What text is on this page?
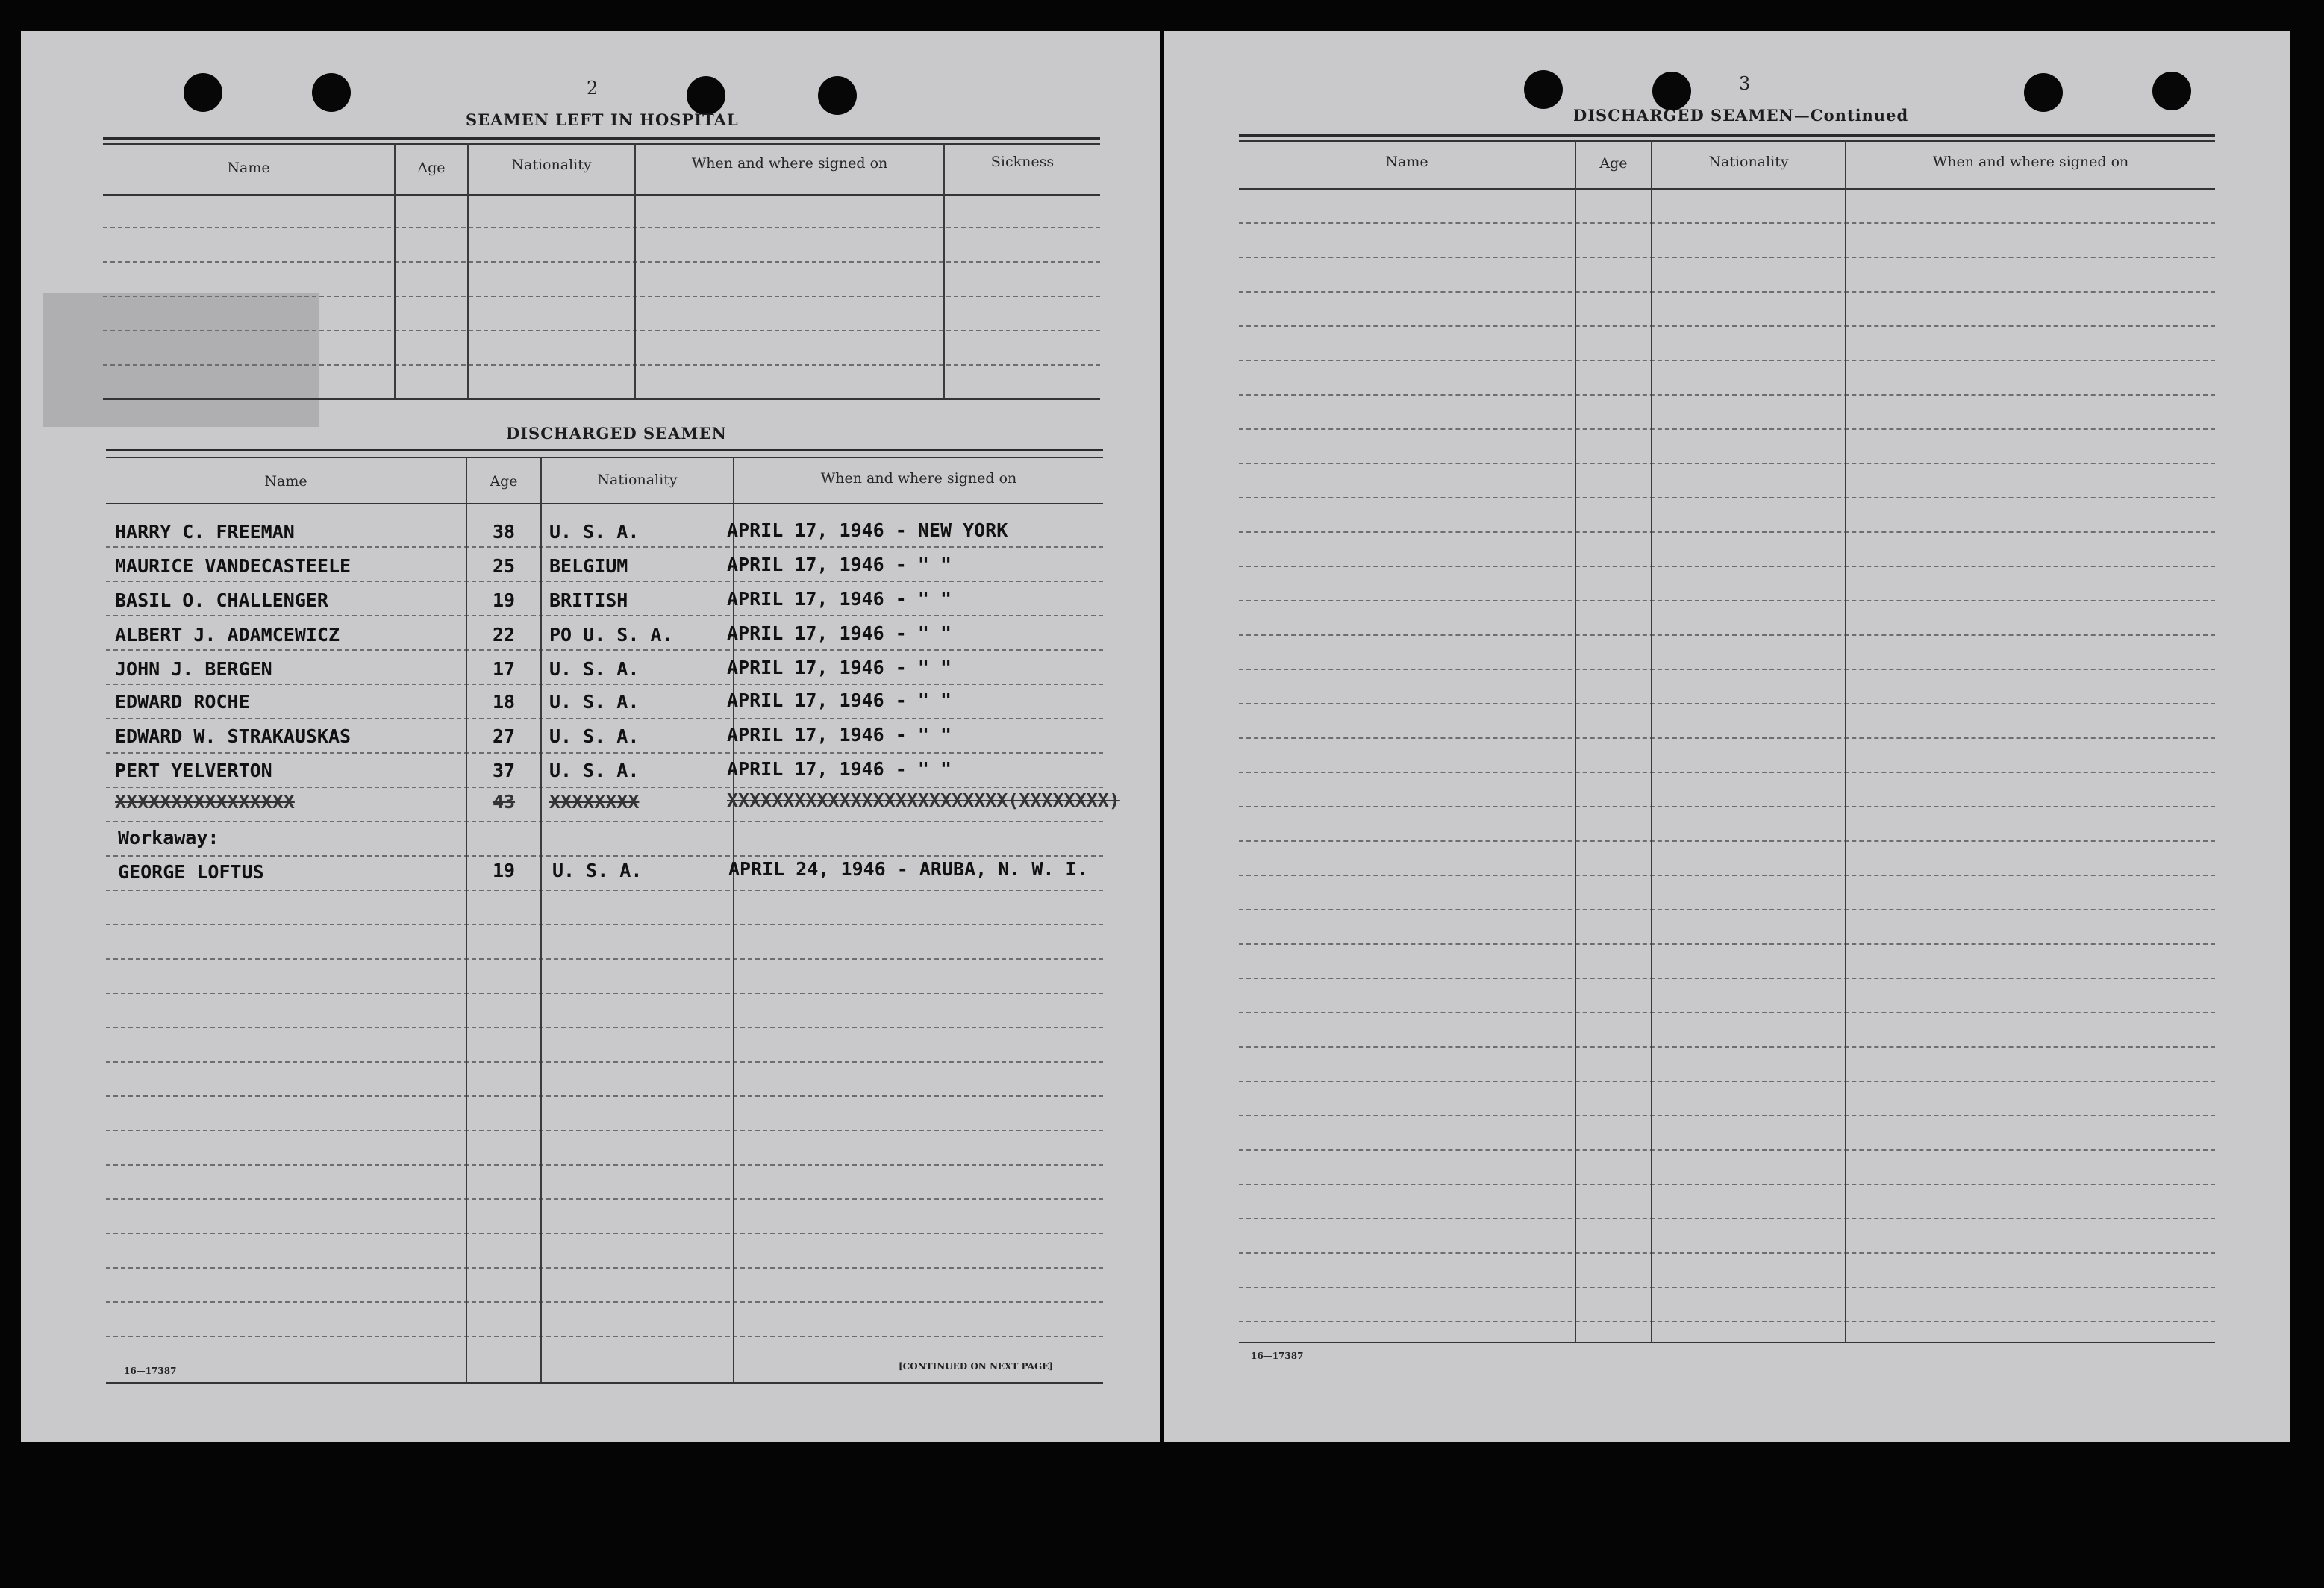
2
SEAMEN LEFT IN HOSPITAL
Name	Age	Nationality	When and where signed on	Sickness
DISCHARGED SEAMEN
Name	Age	Nationality	When and where signed on
HARRY C. FREEMAN	38	U. S. A.	APRIL 17, 1946 - NEW YORK
MAURICE VANDECASTEELE	25	BELGIUM	APRIL 17, 1946 - " "
BASIL O. CHALLENGER	19	BRITISH	APRIL 17, 1946 - " "
ALBERT J. ADAMCEWICZ	22	PO U. S. A.	APRIL 17, 1946 - " "
JOHN J. BERGEN	17	U. S. A.	APRIL 17, 1946 - " "
EDWARD ROCHE	18	U. S. A.	APRIL 17, 1946 - " "
EDWARD W. STRAKAUSKAS	27	U. S. A.	APRIL 17, 1946 - " "
PERT YELVERTON	37	U. S. A.	APRIL 17, 1946 - " "
XXXXXXXXXXXXXXXX	43	XXXXXXXX	XXXXXXXXXXXXXXXXXXXXXXXXX(XXXXXXXX)
Workaway:
GEORGE LOFTUS	19	U. S. A.	APRIL 24, 1946 - ARUBA, N. W. I.
16—17387	[CONTINUED ON NEXT PAGE]
3
DISCHARGED SEAMEN—Continued
Name	Age	Nationality	When and where signed on
16—17387
